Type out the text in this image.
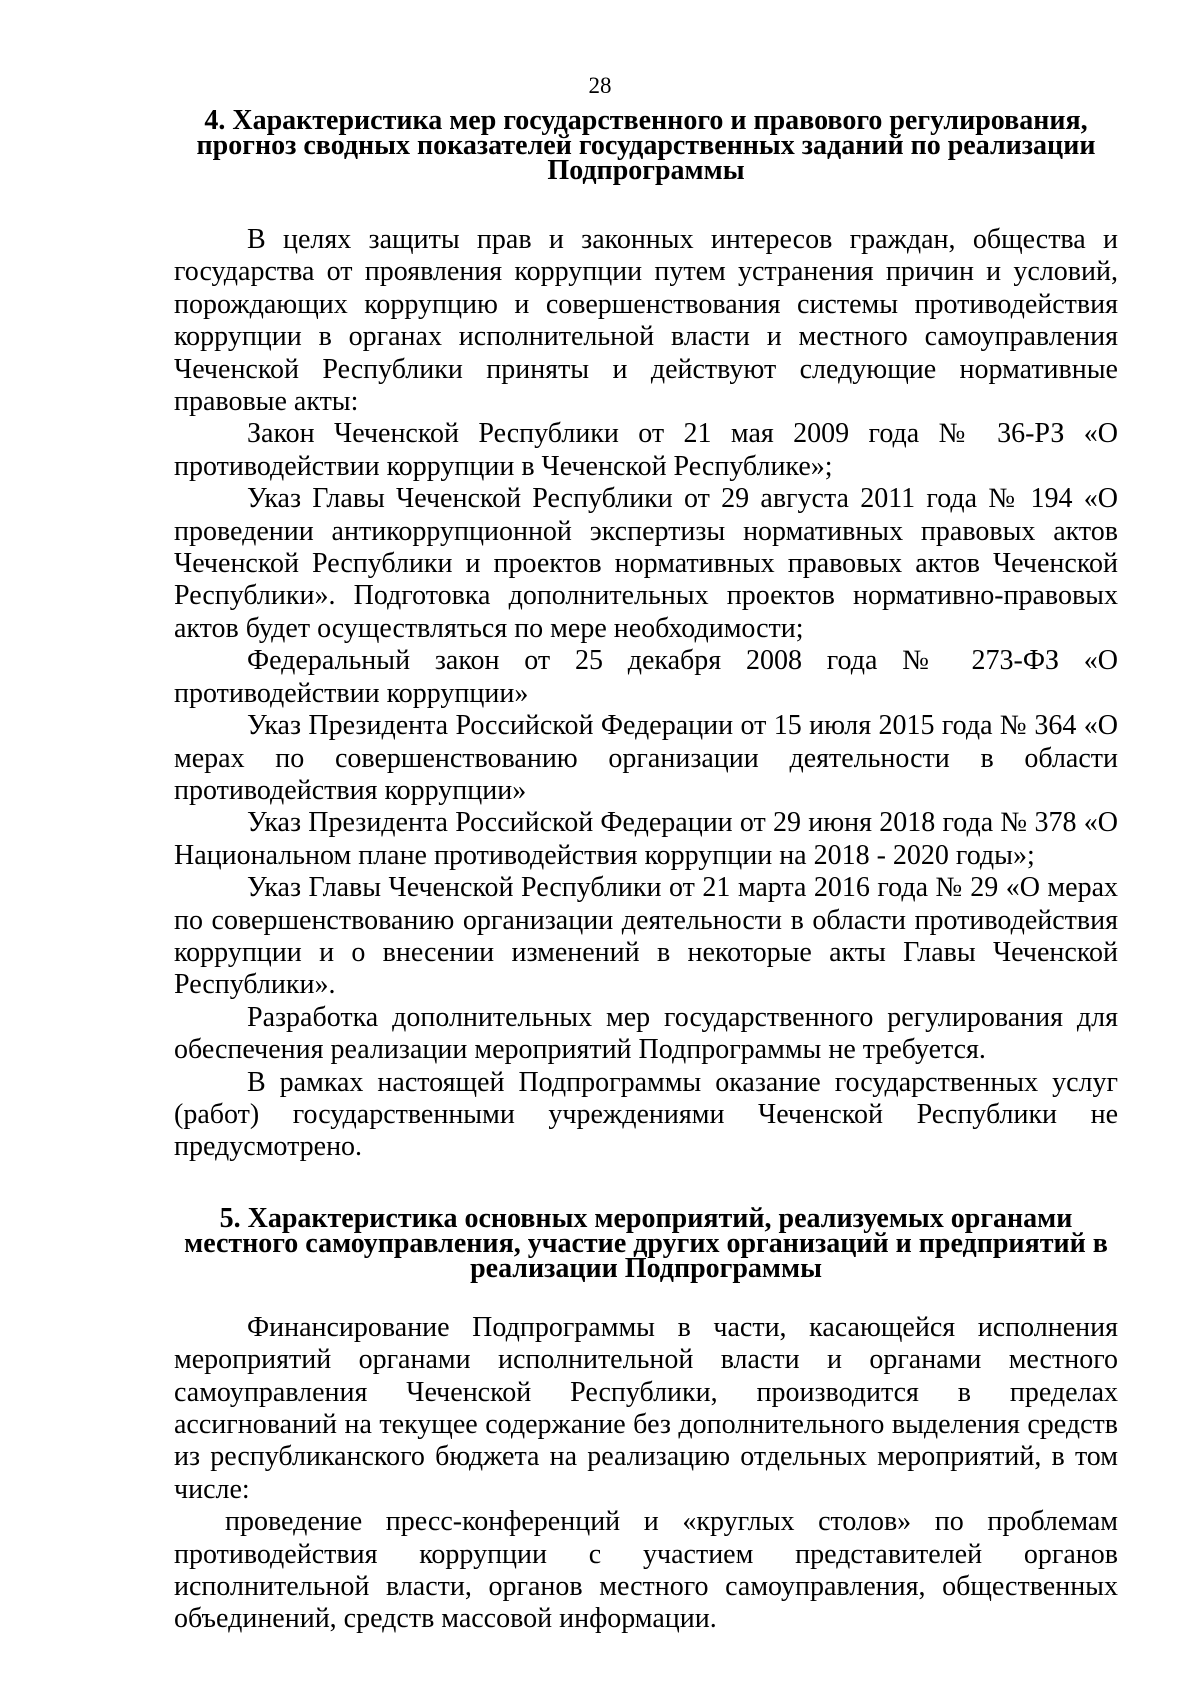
28
4. Характеристика мер государственного и правового регулирования,
прогноз сводных показателей государственных заданий по реализации
Подпрограммы

В целях защиты прав и законных интересов граждан, общества и государства от проявления коррупции путем устранения причин и условий, порождающих коррупцию и совершенствования системы противодействия коррупции в органах исполнительной власти и местного самоуправления Чеченской Республики приняты и действуют следующие нормативные правовые акты:

Закон Чеченской Республики от 21 мая 2009 года № 36-РЗ «О противодействии коррупции в Чеченской Республике»;

Указ Главы Чеченской Республики от 29 августа 2011 года № 194 «О проведении антикоррупционной экспертизы нормативных правовых актов Чеченской Республики и проектов нормативных правовых актов Чеченской Республики». Подготовка дополнительных проектов нормативно-правовых актов будет осуществляться по мере необходимости;

Федеральный закон от 25 декабря 2008 года № 273-ФЗ «О противодействии коррупции»

Указ Президента Российской Федерации от 15 июля 2015 года № 364 «О мерах по совершенствованию организации деятельности в области противодействия коррупции»

Указ Президента Российской Федерации от 29 июня 2018 года № 378 «О Национальном плане противодействия коррупции на 2018 - 2020 годы»;

Указ Главы Чеченской Республики от 21 марта 2016 года № 29 «О мерах по совершенствованию организации деятельности в области противодействия коррупции и о внесении изменений в некоторые акты Главы Чеченской Республики».

Разработка дополнительных мер государственного регулирования для обеспечения реализации мероприятий Подпрограммы не требуется.

В рамках настоящей Подпрограммы оказание государственных услуг (работ) государственными учреждениями Чеченской Республики не предусмотрено.

5. Характеристика основных мероприятий, реализуемых органами
местного самоуправления, участие других организаций и предприятий в
реализации Подпрограммы

Финансирование Подпрограммы в части, касающейся исполнения мероприятий органами исполнительной власти и органами местного самоуправления Чеченской Республики, производится в пределах ассигнований на текущее содержание без дополнительного выделения средств из республиканского бюджета на реализацию отдельных мероприятий, в том числе:

проведение пресс-конференций и «круглых столов» по проблемам противодействия коррупции с участием представителей органов исполнительной власти, органов местного самоуправления, общественных объединений, средств массовой информации.
